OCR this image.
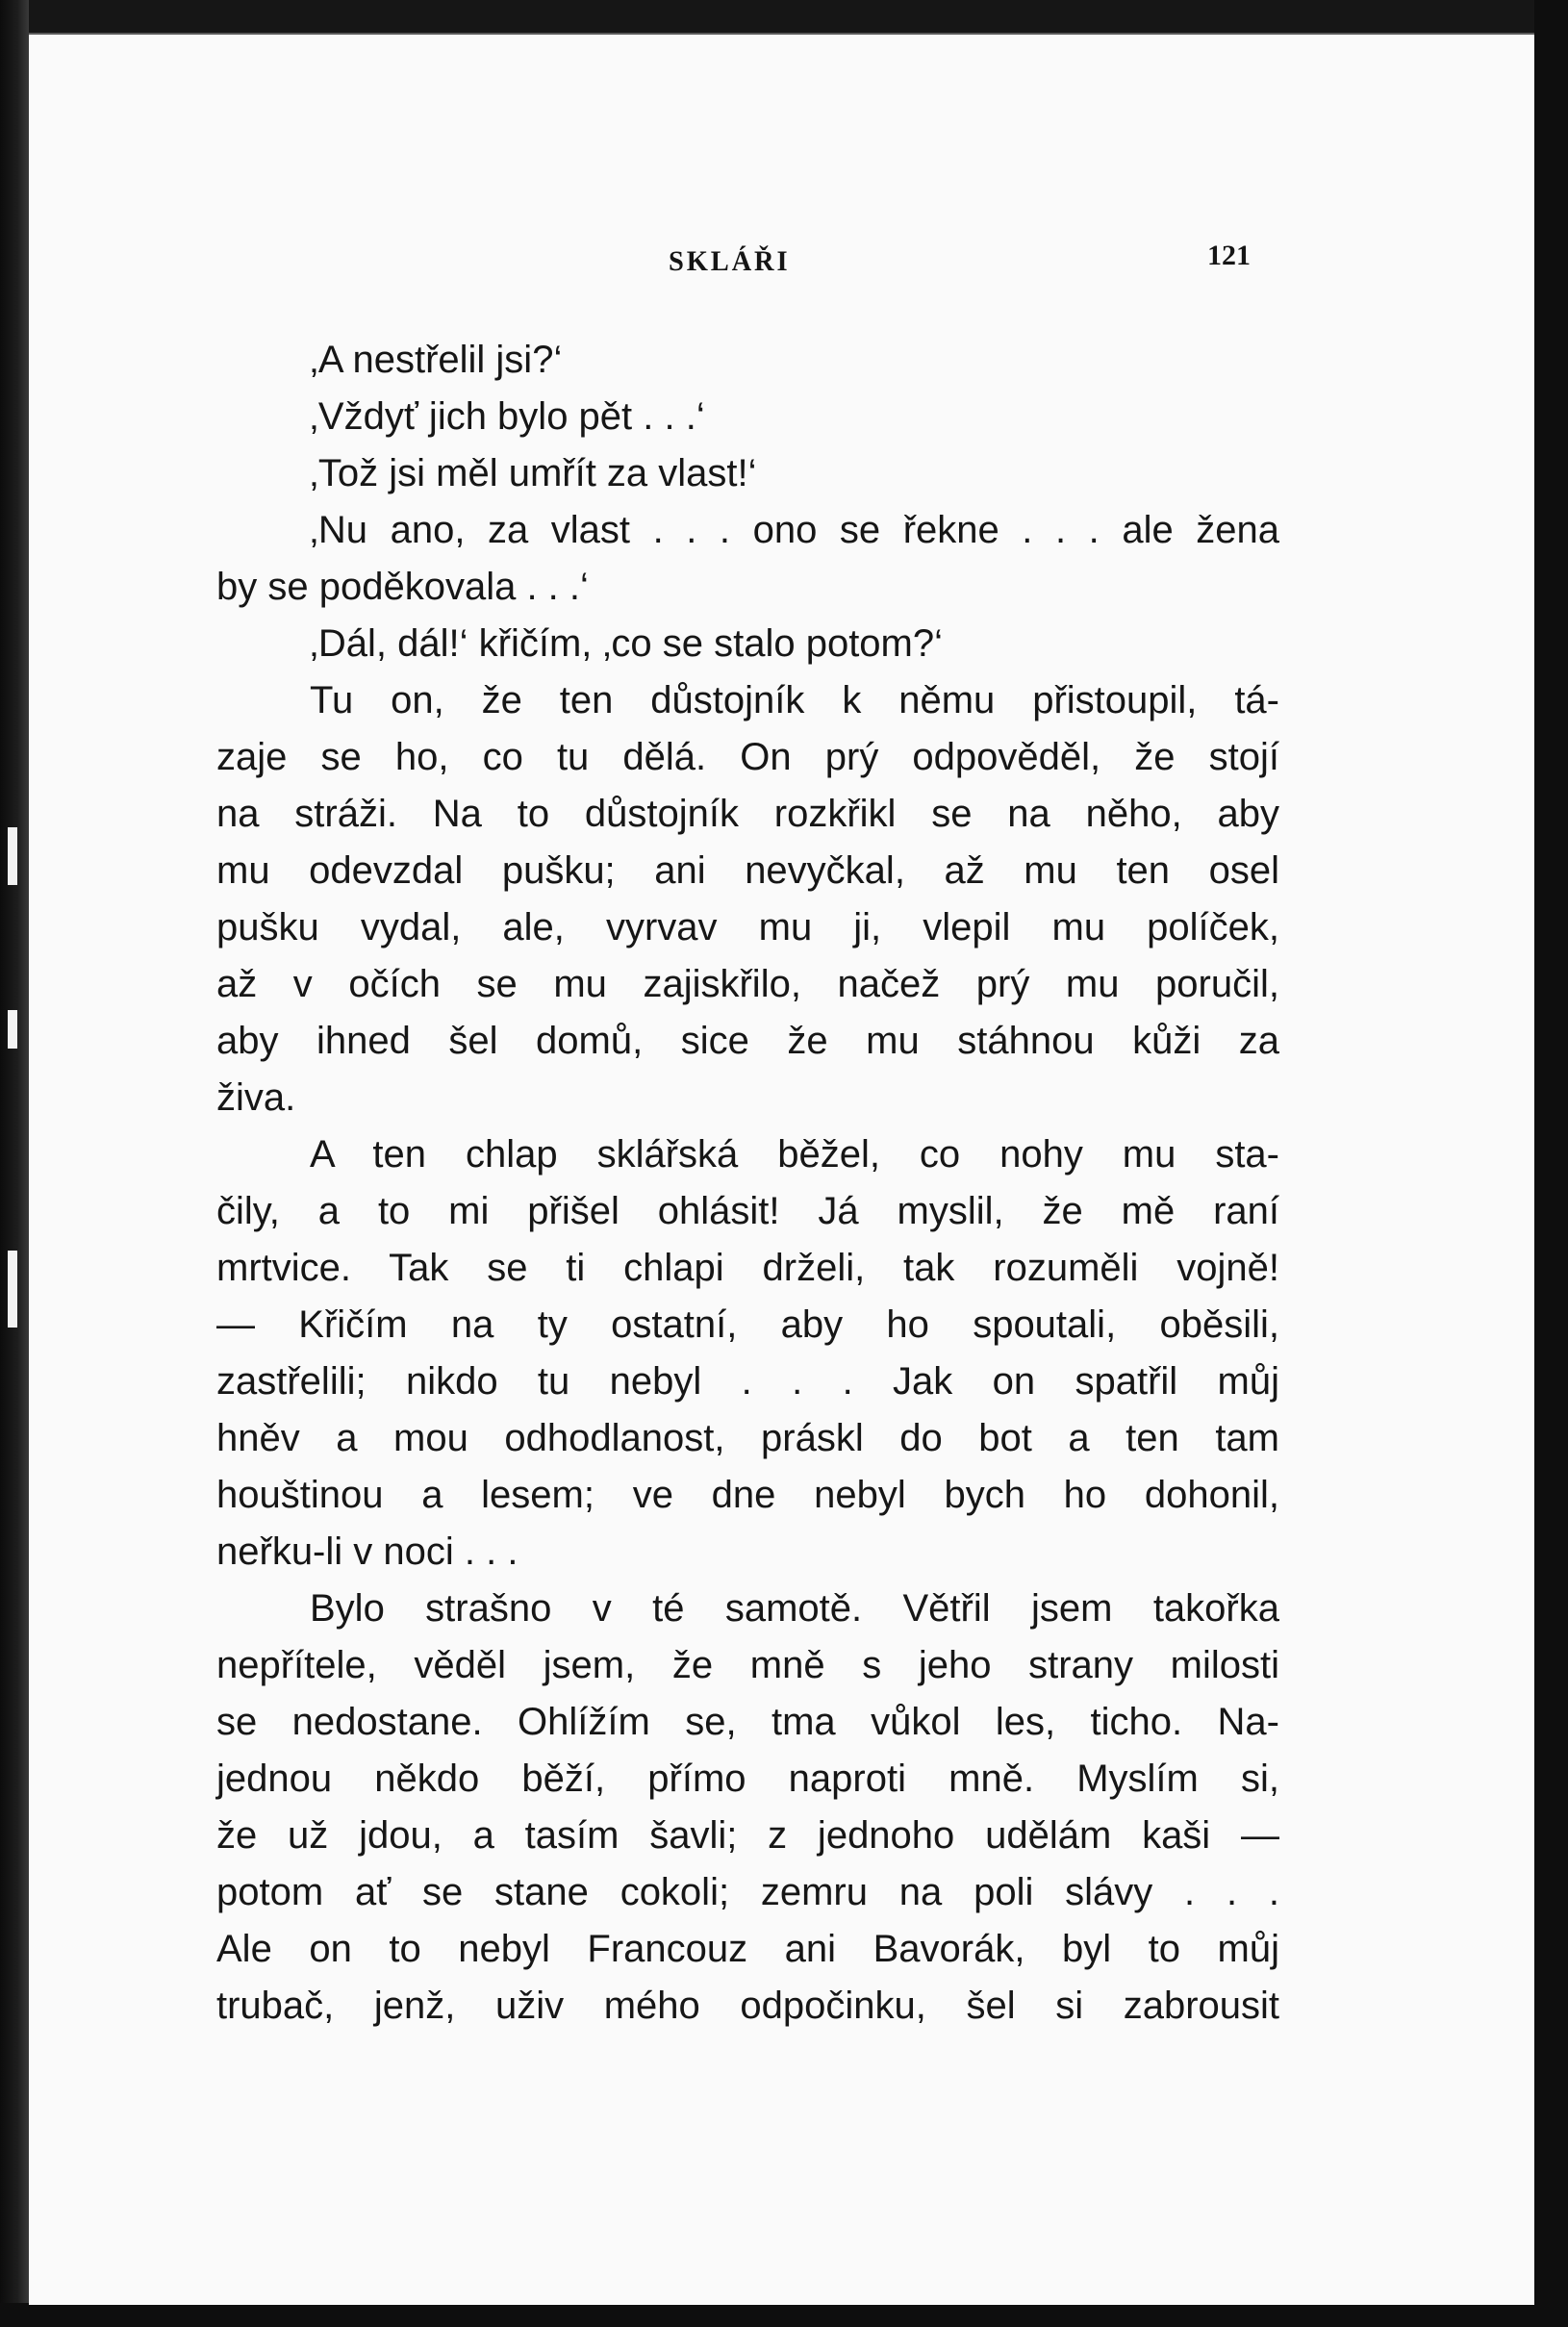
SKLÁŘI	121
‚A nestřelil jsi?‘
‚Vždyť jich bylo pět . . .‘
‚Tož jsi měl umřít za vlast!‘
‚Nu ano, za vlast . . . ono se řekne . . . ale žena
by se poděkovala . . .‘
‚Dál, dál!‘ křičím, ‚co se stalo potom?‘
Tu on, že ten důstojník k němu přistoupil, tá-
zaje se ho, co tu dělá. On prý odpověděl, že stojí
na stráži. Na to důstojník rozkřikl se na něho, aby
mu odevzdal pušku; ani nevyčkal, až mu ten osel
pušku vydal, ale, vyrvav mu ji, vlepil mu políček,
až v očích se mu zajiskřilo, načež prý mu poručil,
aby ihned šel domů, sice že mu stáhnou kůži za
živa.
A ten chlap sklářská běžel, co nohy mu sta-
čily, a to mi přišel ohlásit! Já myslil, že mě raní
mrtvice. Tak se ti chlapi drželi, tak rozuměli vojně!
— Křičím na ty ostatní, aby ho spoutali, oběsili,
zastřelili; nikdo tu nebyl . . . Jak on spatřil můj
hněv a mou odhodlanost, práskl do bot a ten tam
houštinou a lesem; ve dne nebyl bych ho dohonil,
neřku-li v noci . . .
Bylo strašno v té samotě. Větřil jsem takořka
nepřítele, věděl jsem, že mně s jeho strany milosti
se nedostane. Ohlížím se, tma vůkol les, ticho. Na-
jednou někdo běží, přímo naproti mně. Myslím si,
že už jdou, a tasím šavli; z jednoho udělám kaši —
potom ať se stane cokoli; zemru na poli slávy . . .
Ale on to nebyl Francouz ani Bavorák, byl to můj
trubač, jenž, uživ mého odpočinku, šel si zabrousit
